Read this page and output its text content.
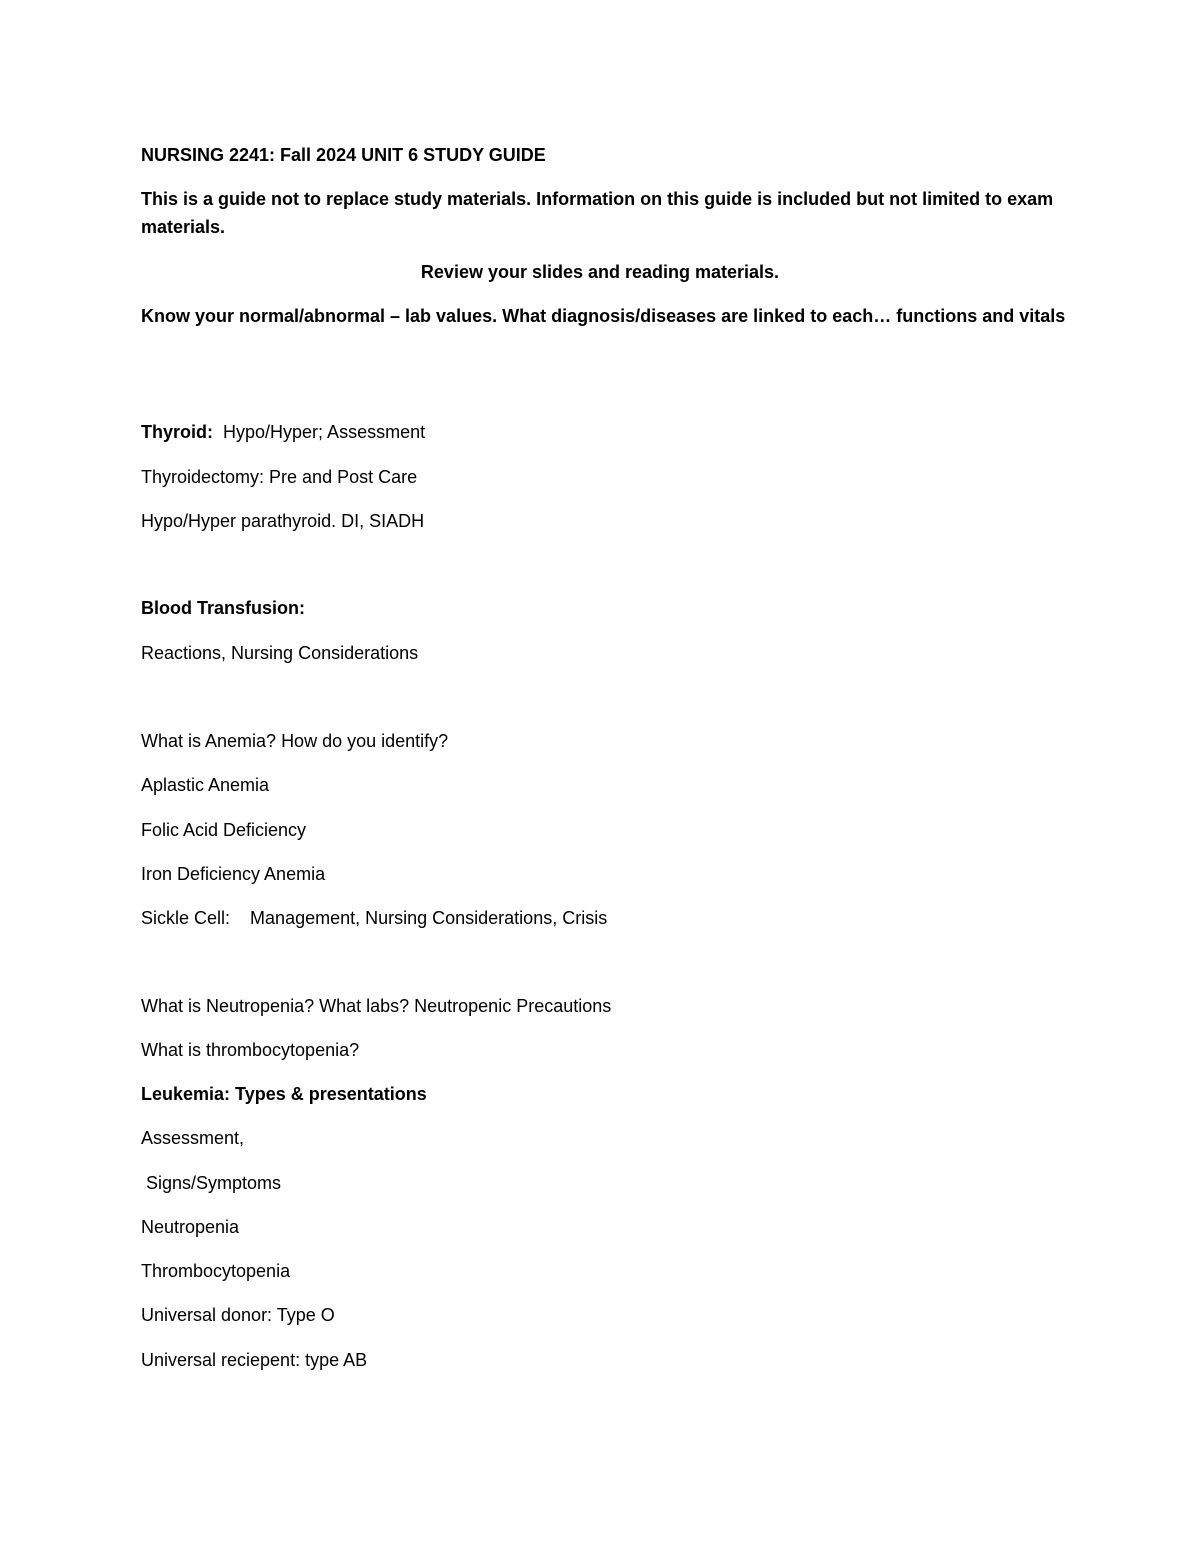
NURSING 2241: Fall 2024 UNIT 6 STUDY GUIDE

This is a guide not to replace study materials. Information on this guide is included but not limited to exam materials.

Review your slides and reading materials.

Know your normal/abnormal – lab values. What diagnosis/diseases are linked to each… functions and vitals

Thyroid: Hypo/Hyper; Assessment

Thyroidectomy: Pre and Post Care

Hypo/Hyper parathyroid. DI, SIADH

Blood Transfusion:

Reactions, Nursing Considerations

What is Anemia? How do you identify?

Aplastic Anemia

Folic Acid Deficiency

Iron Deficiency Anemia

Sickle Cell: Management, Nursing Considerations, Crisis

What is Neutropenia? What labs? Neutropenic Precautions

What is thrombocytopenia?

Leukemia: Types & presentations

Assessment,

Signs/Symptoms

Neutropenia

Thrombocytopenia

Universal donor: Type O

Universal reciepent: type AB
